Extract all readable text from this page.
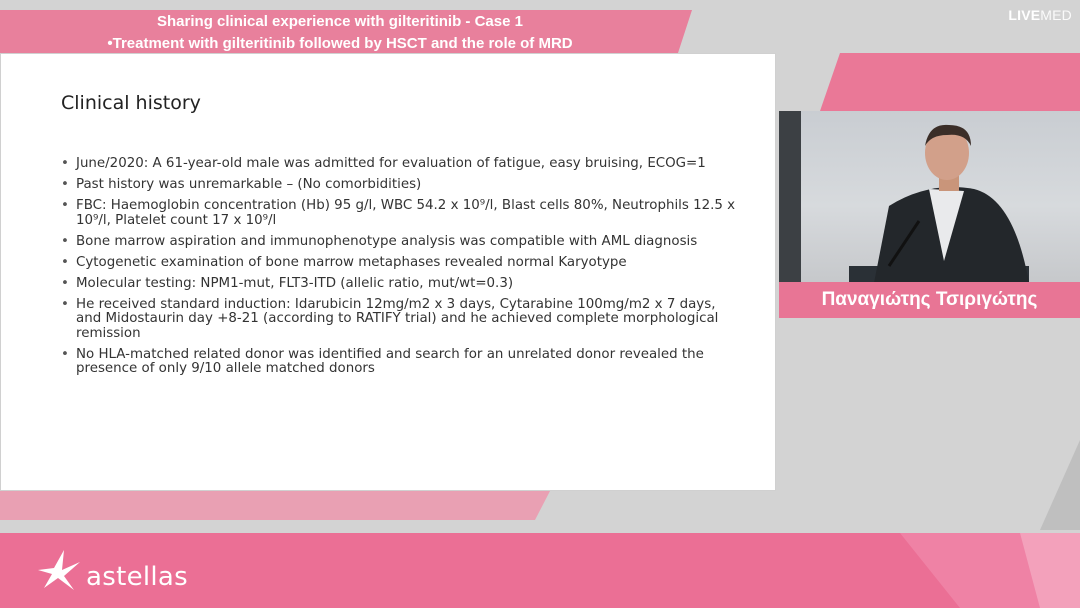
Sharing clinical experience with gilteritinib - Case 1
•Treatment with gilteritinib followed by HSCT and the role of MRD
LIVEMED
Clinical history
• June/2020: A 61-year-old male was admitted for evaluation of fatigue, easy bruising, ECOG=1
• Past history was unremarkable – (No comorbidities)
• FBC: Haemoglobin concentration (Hb) 95 g/l, WBC 54.2 x 10⁹/l, Blast cells 80%, Neutrophils 12.5 x 10⁹/l, Platelet count 17 x 10⁹/l
• Bone marrow aspiration and immunophenotype analysis was compatible with AML diagnosis
• Cytogenetic examination of bone marrow metaphases revealed normal Karyotype
• Molecular testing: NPM1-mut, FLT3-ITD (allelic ratio, mut/wt=0.3)
• He received standard induction: Idarubicin 12mg/m2 x 3 days, Cytarabine 100mg/m2 x 7 days, and Midostaurin day +8-21 (according to RATIFY trial) and he achieved complete morphological remission
• No HLA-matched related donor was identified and search for an unrelated donor revealed the presence of only 9/10 allele matched donors
Παναγιώτης Τσιριγώτης
astellas
